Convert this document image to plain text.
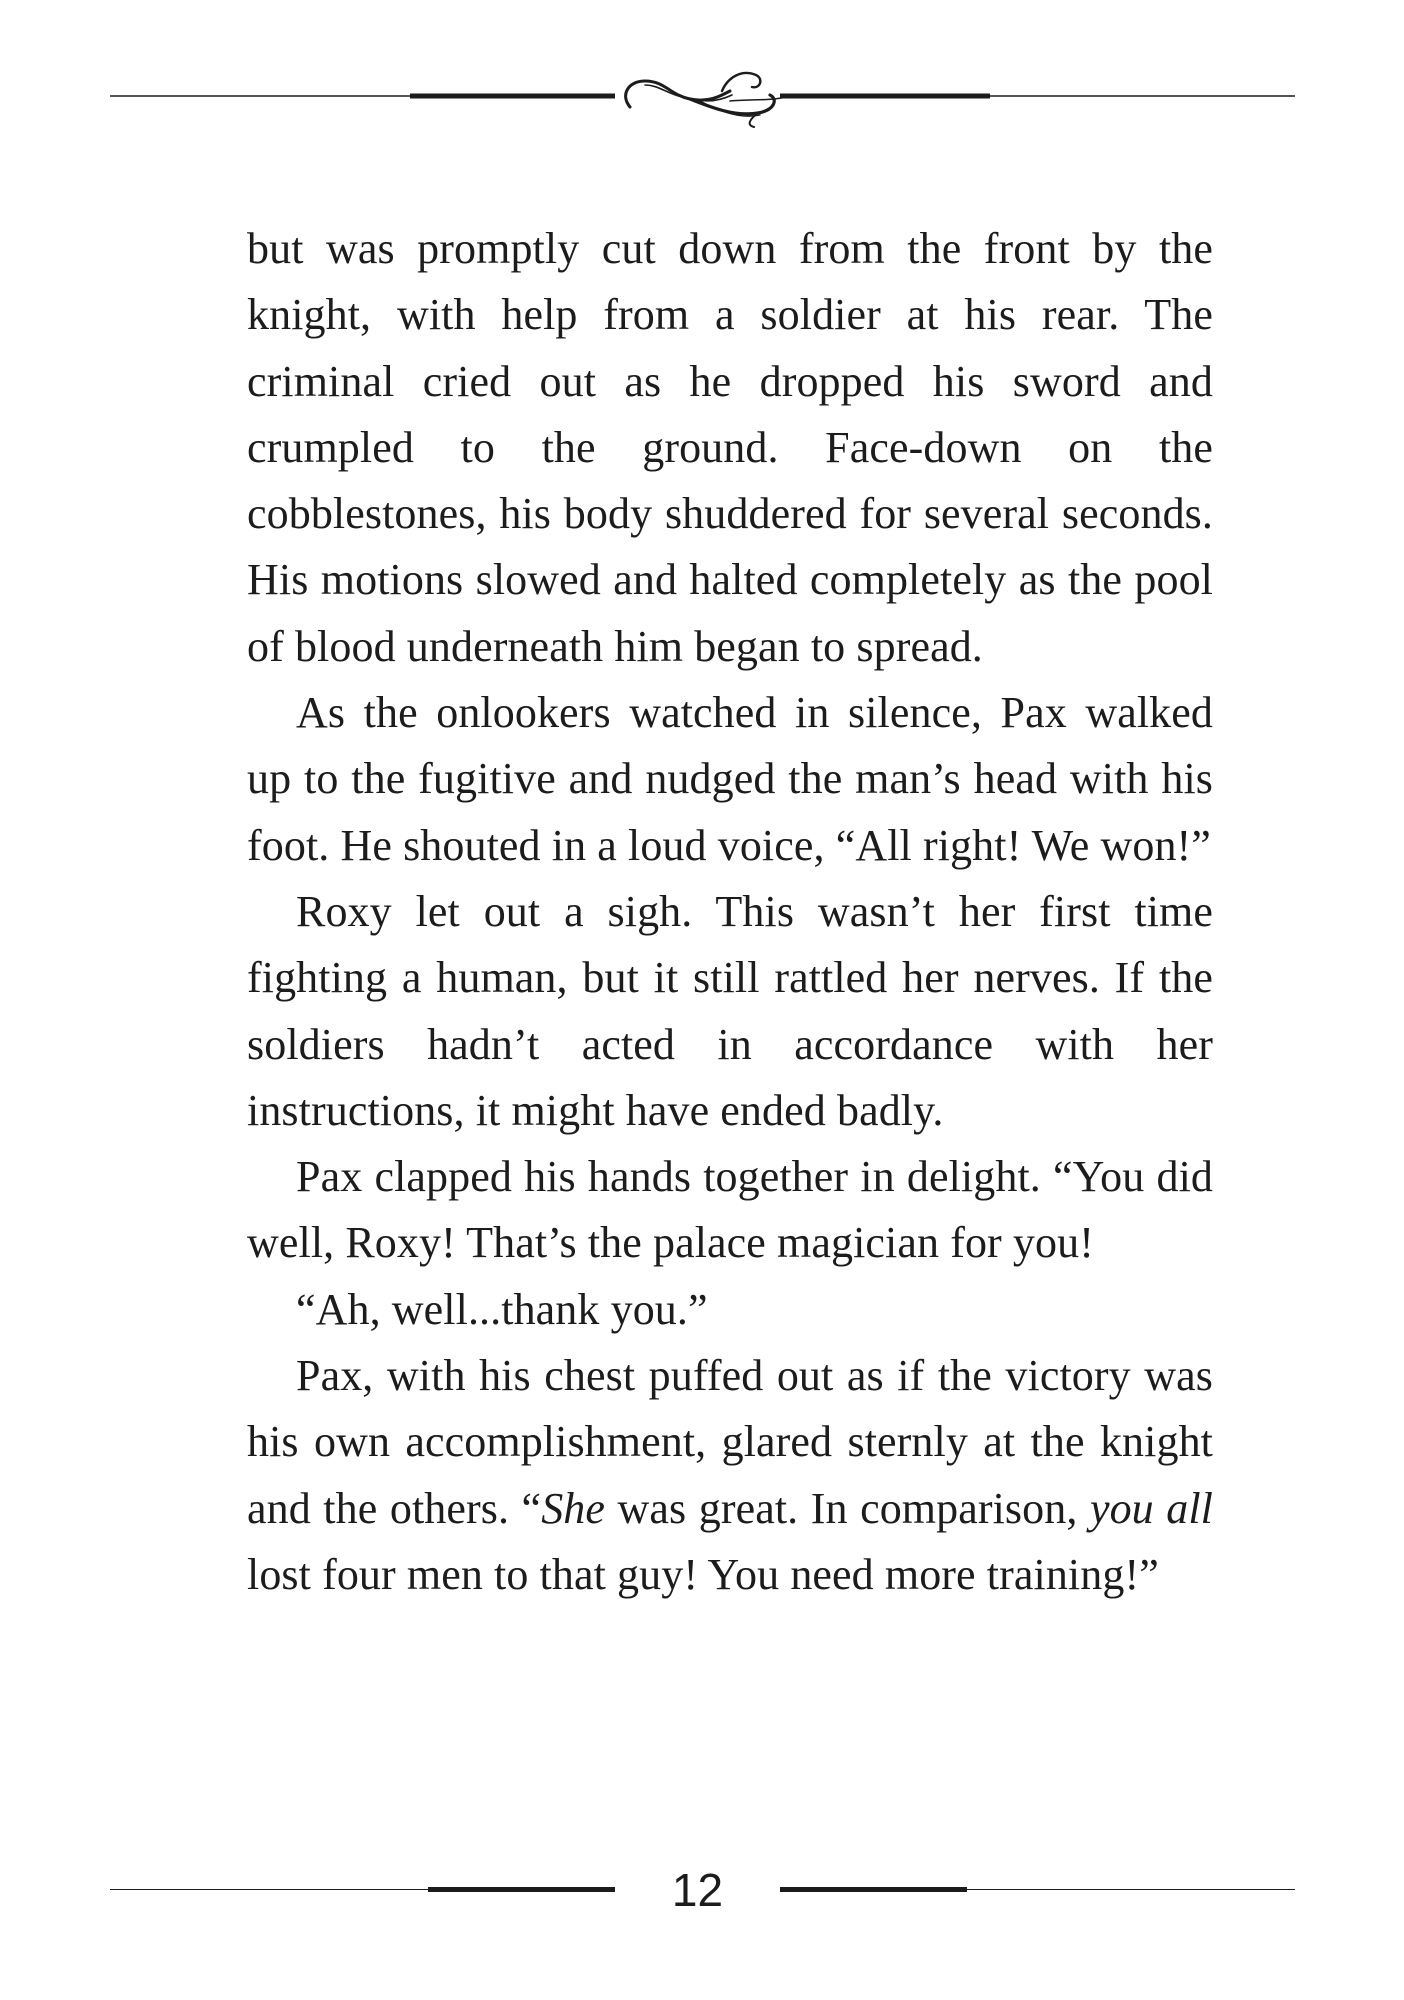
but was promptly cut down from the front by the knight, with help from a soldier at his rear. The criminal cried out as he dropped his sword and crumpled to the ground. Face-down on the cobblestones, his body shuddered for several seconds. His motions slowed and halted completely as the pool of blood underneath him began to spread.

As the onlookers watched in silence, Pax walked up to the fugitive and nudged the man’s head with his foot. He shouted in a loud voice, “All right! We won!”

Roxy let out a sigh. This wasn’t her first time fighting a human, but it still rattled her nerves. If the soldiers hadn’t acted in accordance with her instructions, it might have ended badly.

Pax clapped his hands together in delight. “You did well, Roxy! That’s the palace magician for you!

“Ah, well...thank you.”

Pax, with his chest puffed out as if the victory was his own accomplishment, glared sternly at the knight and the others. “She was great. In comparison, you all lost four men to that guy! You need more training!”

12
